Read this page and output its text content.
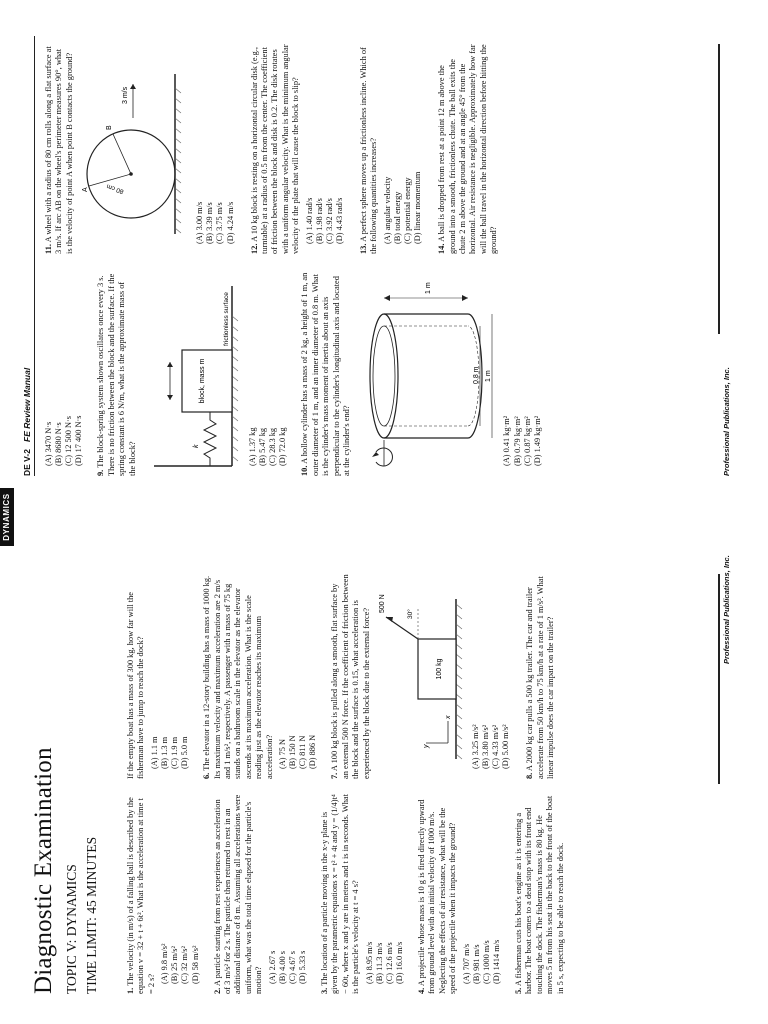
Diagnostic Examination TOPIC V: DYNAMICS TIME LIMIT: 45 MINUTES	1. The velocity (in m/s) of a falling ball is described by the equation v = 32 + t + 6t². What is the acceleration at time t = 2 s? (A) 9.8 m/s² (B) 25 m/s² (C) 32 m/s² (D) 58 m/s²
2. A particle starting from rest experiences an acceleration of 3 m/s² for 2 s. The particle then returned to rest in an additional distance of 8 m. Assuming all accelerations were uniform, what was the total time elapsed for the particle's motion? (A) 2.67 s (B) 4.00 s (C) 4.67 s (D) 5.33 s
3. The location of a particle moving in the x-y plane is given by the parametric equations x = t² + 4t and y = (1/4)t⁴ − 60t, where x and y are in meters and t is in seconds. What is the particle's velocity at t = 4 s? (A) 8.95 m/s (B) 11.3 m/s (C) 12.6 m/s (D) 16.0 m/s
4. A projectile whose mass is 10 g is fired directly upward from ground level with an initial velocity of 1000 m/s. Neglecting the effects of air resistance, what will be the speed of the projectile when it impacts the ground? (A) 707 m/s (B) 981 m/s (C) 1000 m/s (D) 1414 m/s
5. A fisherman cuts his boat's engine as it is entering a harbor. The boat comes to a dead stop with its front end touching the dock. The fisherman's mass is 80 kg. He moves 5 m from his seat in the back to the front of the boat in 5 s, expecting to be able to reach the dock.
If the empty boat has a mass of 300 kg, how far will the fisherman have to jump to reach the dock? (A) 1.1 m (B) 1.3 m (C) 1.9 m (D) 5.0 m
6. The elevator in a 12-story building has a mass of 1000 kg. Its maximum velocity and maximum acceleration are 2 m/s and 1 m/s², respectively. A passenger with a mass of 75 kg stands on a bathroom scale in the elevator as the elevator ascends at its maximum acceleration. What is the scale reading just as the elevator reaches its maximum acceleration? (A) 75 N (B) 150 N (C) 811 N (D) 886 N
7. A 100 kg block is pulled along a smooth, flat surface by an external 500 N force. If the coefficient of friction between the block and the surface is 0.15, what acceleration is experienced by the block due to the external force?	100 kg
500 N
30°
y
x
(A) 3.25 m/s² (B) 3.80 m/s² (C) 4.33 m/s² (D) 5.00 m/s²
8. A 2000 kg car pulls a 500 kg trailer. The car and trailer accelerate from 50 km/h to 75 km/h at a rate of 1 m/s². What linear impulse does the car impart on the trailer?
Professional Publications, Inc.
DYNAMICS
DE V-2   FE Review Manual
(A) 3470 N·s (B) 8680 N·s (C) 12 500 N·s (D) 17 400 N·s
9. The block-spring system shown oscillates once every 3 s. There is no friction between the block and the surface. If the spring constant is 6 N/m, what is the approximate mass of the block?
block, mass m
k
frictionless surface
(A) 1.37 kg (B) 5.47 kg (C) 28.3 kg (D) 72.0 kg
10. A hollow cylinder has a mass of 2 kg, a height of 1 m, an outer diameter of 1 m, and an inner diameter of 0.8 m. What is the cylinder's mass moment of inertia about an axis perpendicular to the cylinder's longitudinal axis and located at the cylinder's end?
1 m
0.8 m 1 m
(A) 0.41 kg·m² (B) 0.79 kg·m² (C) 0.87 kg·m² (D) 1.49 kg·m²
11. A wheel with a radius of 80 cm rolls along a flat surface at 3 m/s. If arc AB on the wheel's perimeter measures 90°, what is the velocity of point A when point B contacts the ground?	80 cm
A
B
3 m/s
(A) 3.00 m/s (B) 3.39 m/s (C) 3.75 m/s (D) 4.24 m/s
12. A 10 kg block is resting on a horizontal circular disk (e.g., turntable) at a radius of 0.5 m from the center. The coefficient of friction between the block and disk is 0.2. The disk rotates with a uniform angular velocity. What is the minimum angular velocity of the plate that will cause the block to slip? (A) 1.40 rad/s (B) 1.98 rad/s (C) 3.92 rad/s (D) 4.43 rad/s
13. A perfect sphere moves up a frictionless incline. Which of the following quantities increases? (A) angular velocity (B) total energy (C) potential energy (D) linear momentum
14. A ball is dropped from rest at a point 12 m above the ground into a smooth, frictionless chute. The ball exits the chute 2 m above the ground and at an angle 45° from the horizontal. Air resistance is negligible. Approximately how far will the ball travel in the horizontal direction before hitting the ground?
Professional Publications, Inc.
